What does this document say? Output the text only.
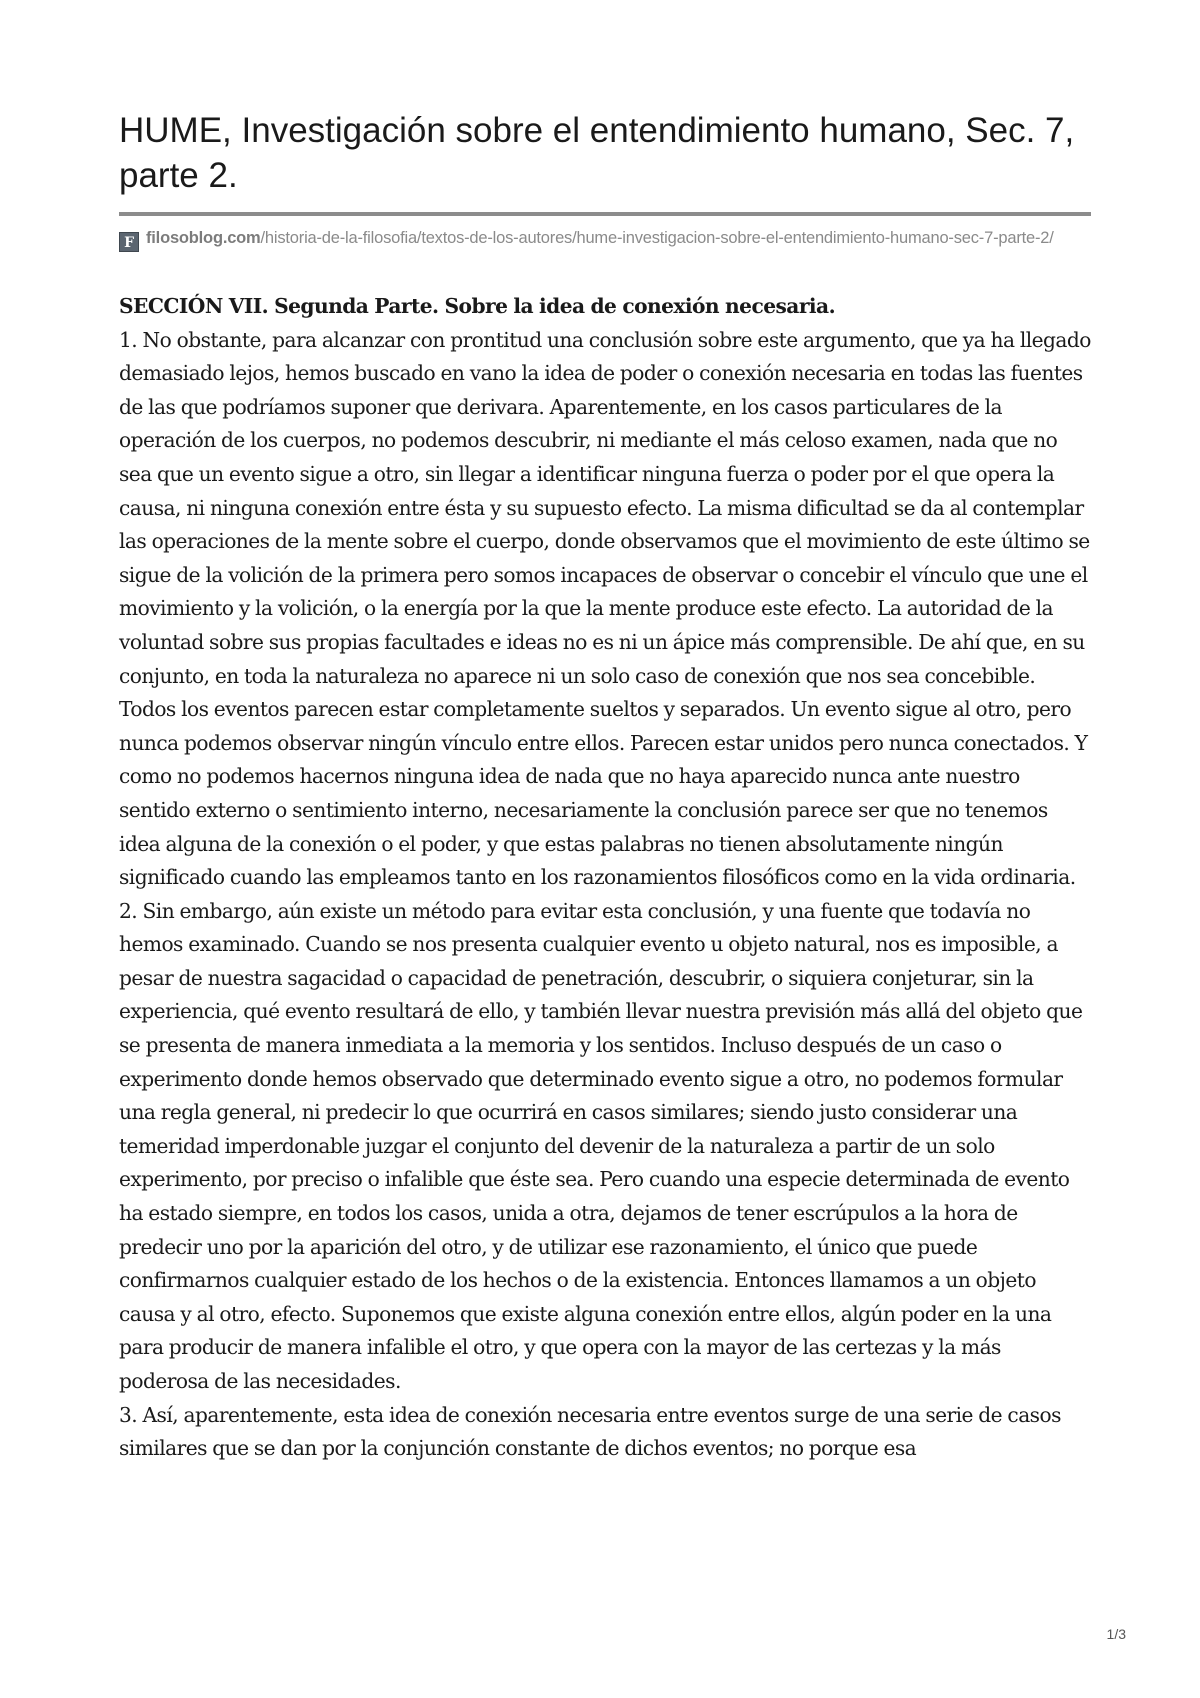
HUME, Investigación sobre el entendimiento humano, Sec. 7, parte 2.
F filosoblog.com/historia-de-la-filosofia/textos-de-los-autores/hume-investigacion-sobre-el-entendimiento-humano-sec-7-parte-2/

SECCIÓN VII. Segunda Parte. Sobre la idea de conexión necesaria.

1. No obstante, para alcanzar con prontitud una conclusión sobre este argumento, que ya ha llegado demasiado lejos, hemos buscado en vano la idea de poder o conexión necesaria en todas las fuentes de las que podríamos suponer que derivara. Aparentemente, en los casos particulares de la operación de los cuerpos, no podemos descubrir, ni mediante el más celoso examen, nada que no sea que un evento sigue a otro, sin llegar a identificar ninguna fuerza o poder por el que opera la causa, ni ninguna conexión entre ésta y su supuesto efecto. La misma dificultad se da al contemplar las operaciones de la mente sobre el cuerpo, donde observamos que el movimiento de este último se sigue de la volición de la primera pero somos incapaces de observar o concebir el vínculo que une el movimiento y la volición, o la energía por la que la mente produce este efecto. La autoridad de la voluntad sobre sus propias facultades e ideas no es ni un ápice más comprensible. De ahí que, en su conjunto, en toda la naturaleza no aparece ni un solo caso de conexión que nos sea concebible. Todos los eventos parecen estar completamente sueltos y separados. Un evento sigue al otro, pero nunca podemos observar ningún vínculo entre ellos. Parecen estar unidos pero nunca conectados. Y como no podemos hacernos ninguna idea de nada que no haya aparecido nunca ante nuestro sentido externo o sentimiento interno, necesariamente la conclusión parece ser que no tenemos idea alguna de la conexión o el poder, y que estas palabras no tienen absolutamente ningún significado cuando las empleamos tanto en los razonamientos filosóficos como en la vida ordinaria.

2. Sin embargo, aún existe un método para evitar esta conclusión, y una fuente que todavía no hemos examinado. Cuando se nos presenta cualquier evento u objeto natural, nos es imposible, a pesar de nuestra sagacidad o capacidad de penetración, descubrir, o siquiera conjeturar, sin la experiencia, qué evento resultará de ello, y también llevar nuestra previsión más allá del objeto que se presenta de manera inmediata a la memoria y los sentidos. Incluso después de un caso o experimento donde hemos observado que determinado evento sigue a otro, no podemos formular una regla general, ni predecir lo que ocurrirá en casos similares; siendo justo considerar una temeridad imperdonable juzgar el conjunto del devenir de la naturaleza a partir de un solo experimento, por preciso o infalible que éste sea. Pero cuando una especie determinada de evento ha estado siempre, en todos los casos, unida a otra, dejamos de tener escrúpulos a la hora de predecir uno por la aparición del otro, y de utilizar ese razonamiento, el único que puede confirmarnos cualquier estado de los hechos o de la existencia. Entonces llamamos a un objeto causa y al otro, efecto. Suponemos que existe alguna conexión entre ellos, algún poder en la una para producir de manera infalible el otro, y que opera con la mayor de las certezas y la más poderosa de las necesidades.

3. Así, aparentemente, esta idea de conexión necesaria entre eventos surge de una serie de casos similares que se dan por la conjunción constante de dichos eventos; no porque esa

1/3
